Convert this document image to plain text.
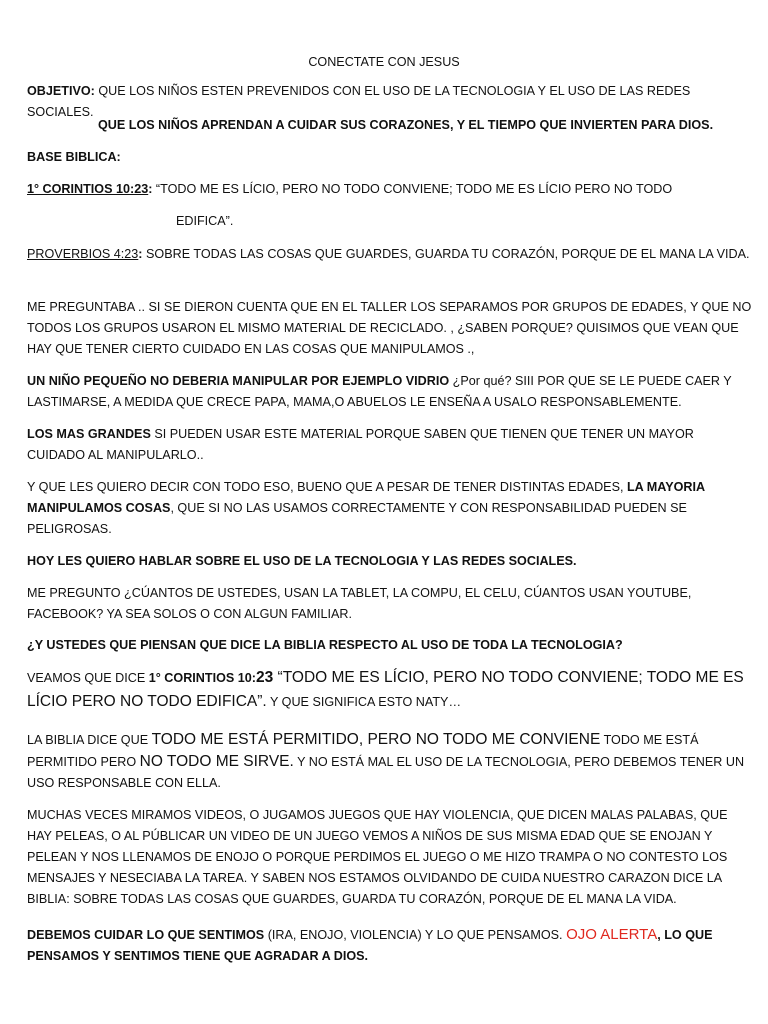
CONECTATE CON JESUS

OBJETIVO: QUE LOS NIÑOS ESTEN PREVENIDOS CON EL USO DE LA TECNOLOGIA Y EL USO DE LAS REDES SOCIALES.

QUE LOS NIÑOS APRENDAN A CUIDAR SUS CORAZONES, Y EL TIEMPO QUE INVIERTEN PARA DIOS.

BASE BIBLICA:

1° CORINTIOS 10:23: “TODO ME ES LÍCIO, PERO NO TODO CONVIENE; TODO ME ES LÍCIO PERO NO TODO

EDIFICA”.

PROVERBIOS 4:23: SOBRE TODAS LAS COSAS QUE GUARDES, GUARDA TU CORAZÓN, PORQUE DE EL MANA LA VIDA.

ME PREGUNTABA .. SI SE DIERON CUENTA QUE EN EL TALLER LOS SEPARAMOS POR GRUPOS DE EDADES, Y QUE NO TODOS LOS GRUPOS USARON EL MISMO MATERIAL DE RECICLADO. , ¿SABEN PORQUE? QUISIMOS QUE VEAN QUE HAY QUE TENER CIERTO CUIDADO EN LAS COSAS QUE MANIPULAMOS .,

UN NIÑO PEQUEÑO NO DEBERIA MANIPULAR POR EJEMPLO VIDRIO ¿Por qué? SIII POR QUE SE LE PUEDE CAER Y LASTIMARSE, A MEDIDA QUE CRECE PAPA, MAMA,O ABUELOS LE ENSEÑA A USALO RESPONSABLEMENTE.

LOS MAS GRANDES SI PUEDEN USAR ESTE MATERIAL PORQUE SABEN QUE TIENEN QUE TENER UN MAYOR CUIDADO AL MANIPULARLO..

Y QUE LES QUIERO DECIR CON TODO ESO, BUENO QUE A PESAR DE TENER DISTINTAS EDADES, LA MAYORIA MANIPULAMOS COSAS, QUE SI NO LAS USAMOS CORRECTAMENTE Y CON RESPONSABILIDAD PUEDEN SE PELIGROSAS.

HOY LES QUIERO HABLAR SOBRE EL USO DE LA TECNOLOGIA Y LAS REDES SOCIALES.

ME PREGUNTO ¿CÚANTOS DE USTEDES, USAN LA TABLET, LA COMPU, EL CELU, CÚANTOS USAN YOUTUBE, FACEBOOK? YA SEA SOLOS O CON ALGUN FAMILIAR.

¿Y USTEDES QUE PIENSAN QUE DICE LA BIBLIA RESPECTO AL USO DE TODA LA TECNOLOGIA?

VEAMOS QUE DICE 1° CORINTIOS 10:23 “TODO ME ES LÍCIO, PERO NO TODO CONVIENE; TODO ME ES LÍCIO PERO NO TODO EDIFICA”. Y QUE SIGNIFICA ESTO NATY…

LA BIBLIA DICE QUE TODO ME ESTÁ PERMITIDO, PERO NO TODO ME CONVIENE TODO ME ESTÁ PERMITIDO PERO NO TODO ME SIRVE. Y NO ESTÁ MAL EL USO DE LA TECNOLOGIA, PERO DEBEMOS TENER UN USO RESPONSABLE CON ELLA.

MUCHAS VECES MIRAMOS VIDEOS, O JUGAMOS JUEGOS QUE HAY VIOLENCIA, QUE DICEN MALAS PALABAS, QUE HAY PELEAS, O AL PÚBLICAR UN VIDEO DE UN JUEGO VEMOS A NIÑOS DE SUS MISMA EDAD QUE SE ENOJAN Y PELEAN Y NOS LLENAMOS DE ENOJO O PORQUE PERDIMOS EL JUEGO O ME HIZO TRAMPA O NO CONTESTO LOS MENSAJES Y NESECIABA LA TAREA. Y SABEN NOS ESTAMOS OLVIDANDO DE CUIDA NUESTRO CARAZON DICE LA BIBLIA: SOBRE TODAS LAS COSAS QUE GUARDES, GUARDA TU CORAZÓN, PORQUE DE EL MANA LA VIDA.

DEBEMOS CUIDAR LO QUE SENTIMOS (IRA, ENOJO, VIOLENCIA) Y LO QUE PENSAMOS. OJO ALERTA, LO QUE PENSAMOS Y SENTIMOS TIENE QUE AGRADAR A DIOS.
